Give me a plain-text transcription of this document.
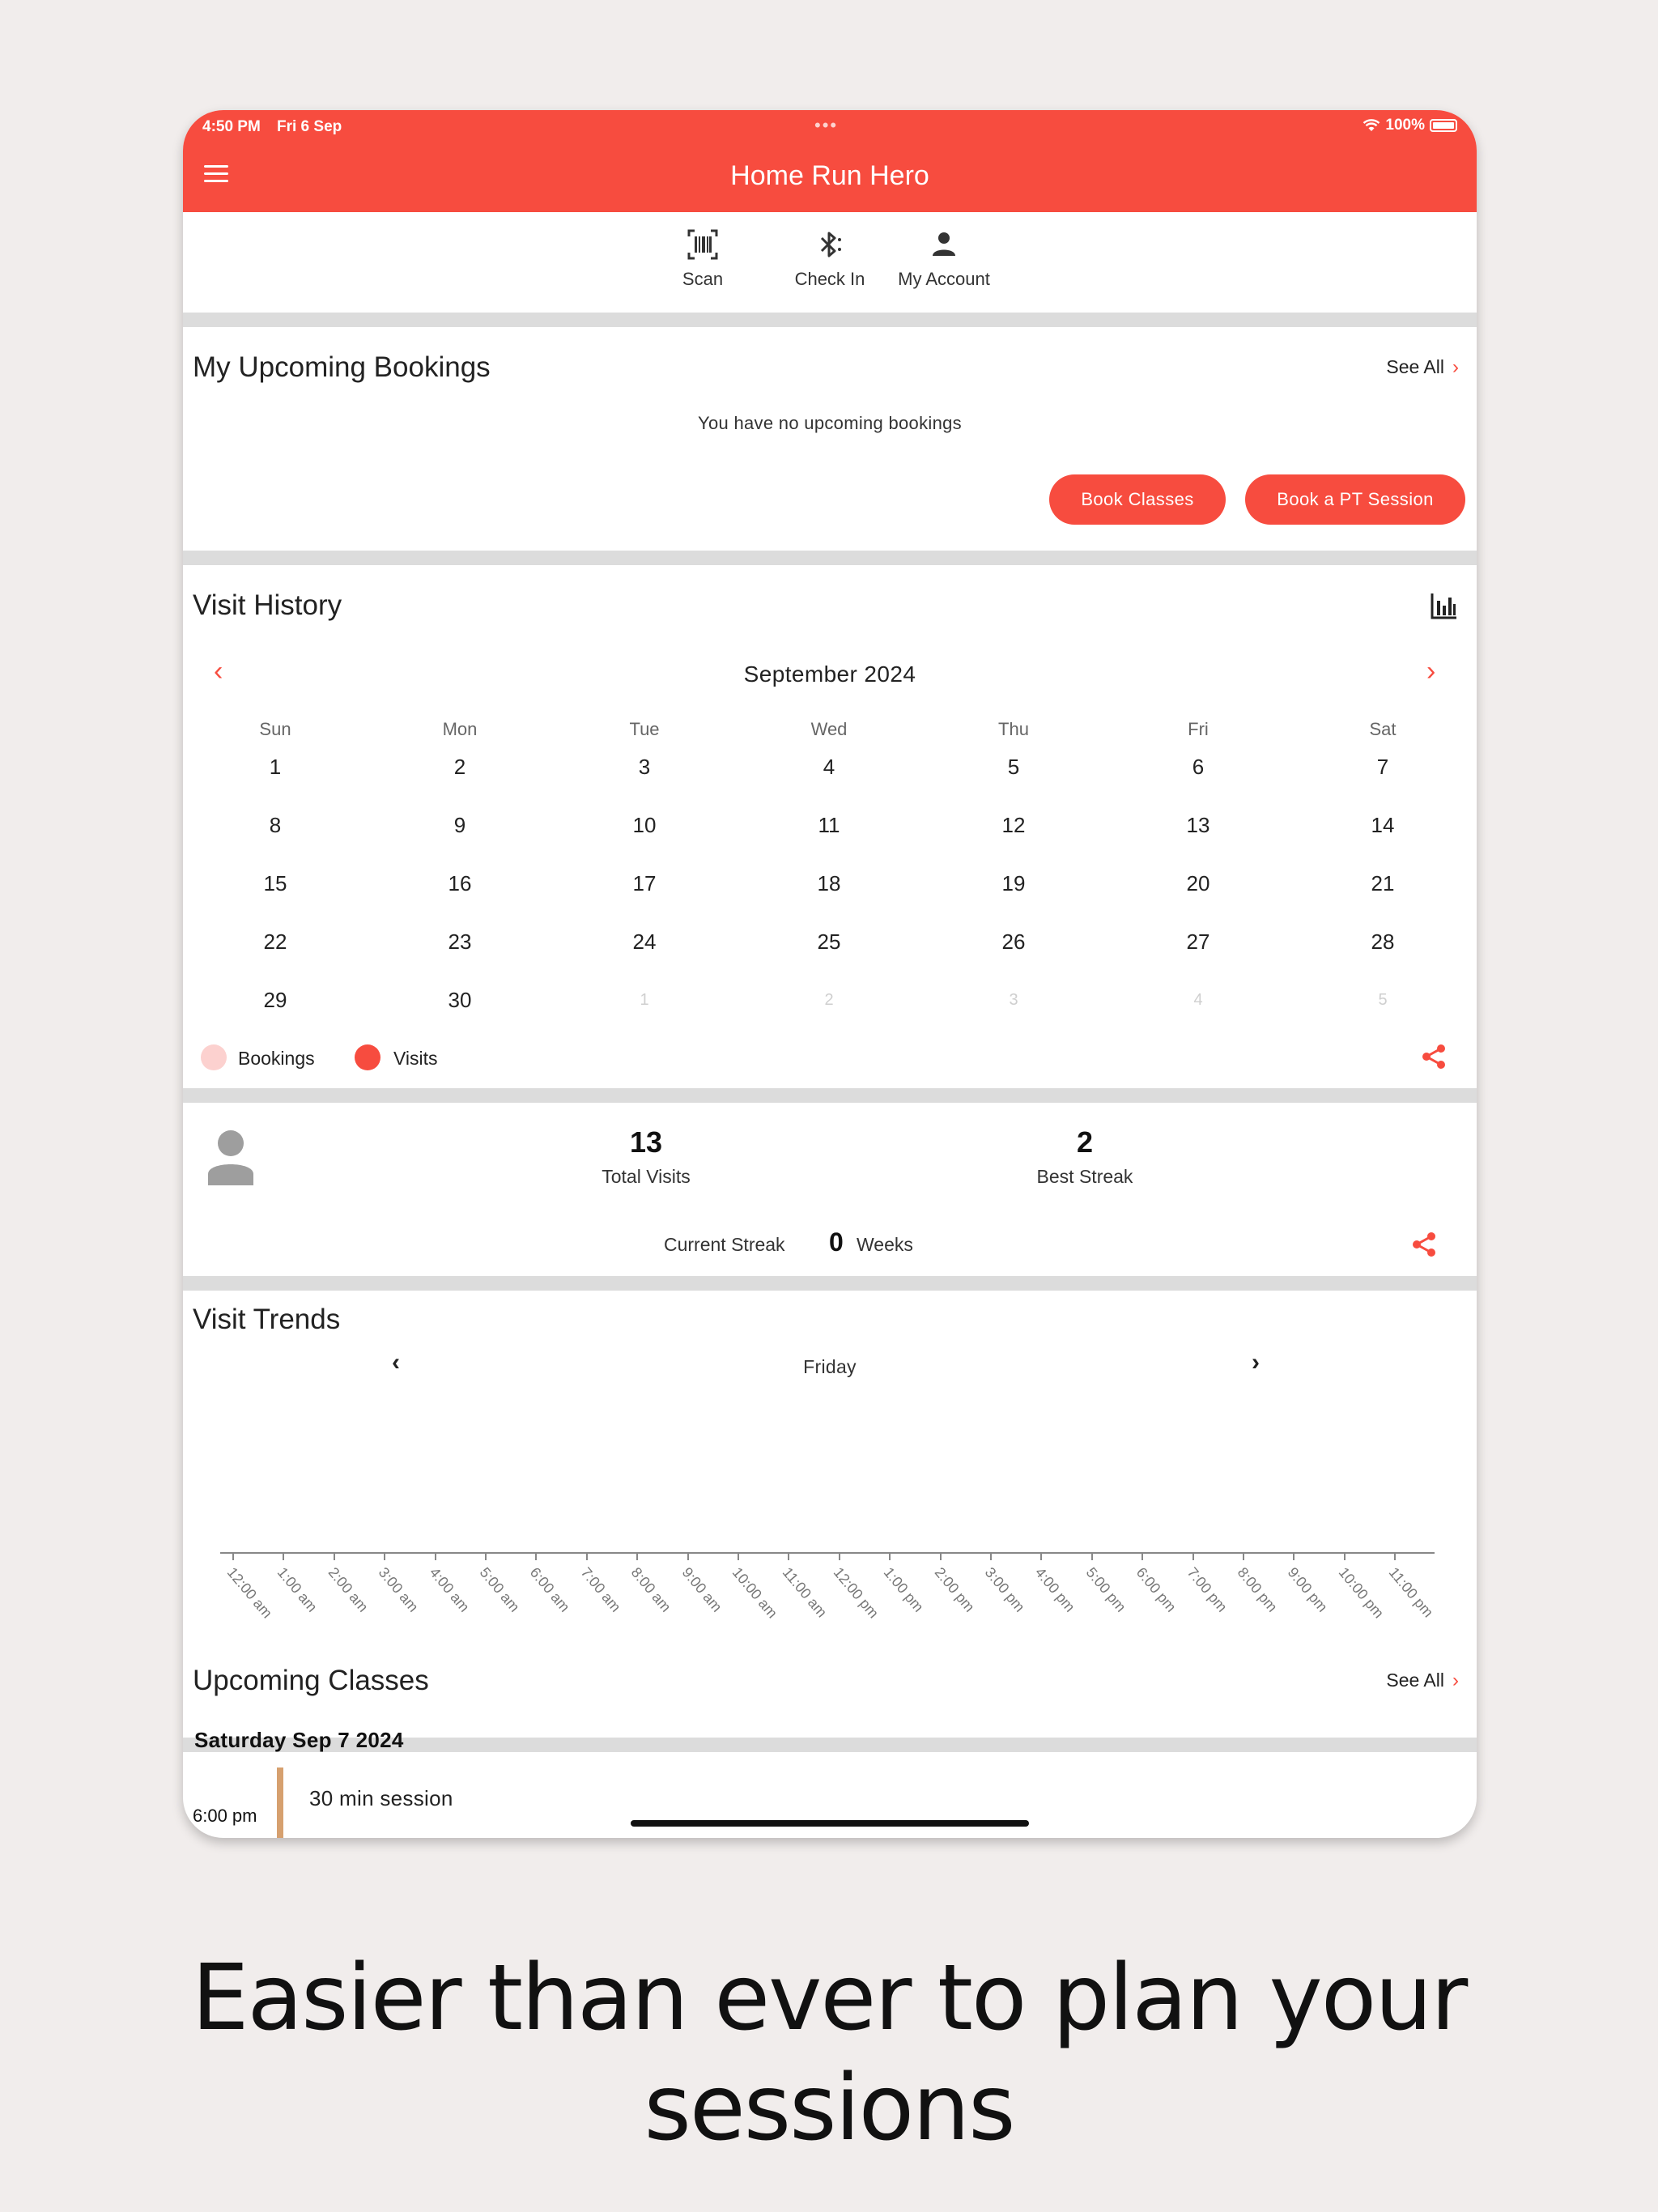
4:50 PM Fri 6 Sep	•••	100%
Home Run Hero
Scan	Check In	My Account
My Upcoming Bookings	See All ›
You have no upcoming bookings
Book Classes	Book a PT Session
Visit History
‹	›
September 2024
Sun	Mon	Tue	Wed	Thu	Fri	Sat
1	2	3	4	5	6	7
8	9	10	11	12	13	14
15	16	17	18	19	20	21
22	23	24	25	26	27	28
29	30	1	2	3	4	5
Bookings	Visits
13
Total Visits
2
Best Streak
Current Streak 0 Weeks
Visit Trends
‹	Friday	›
12:00 am
1:00 am 2:00 am 3:00 am 4:00 am 5:00 am 6:00 am 7:00 am 8:00 am 9:00 am 10:00 am
11:00 am 12:00 pm
1:00 pm 2:00 pm 3:00 pm 4:00 pm 5:00 pm 6:00 pm 7:00 pm 8:00 pm 9:00 pm 10:00 pm
11:00 pm
Upcoming Classes	See All ›
Saturday Sep 7 2024
6:00 pm
30 min session
Easier than ever to plan your sessions
